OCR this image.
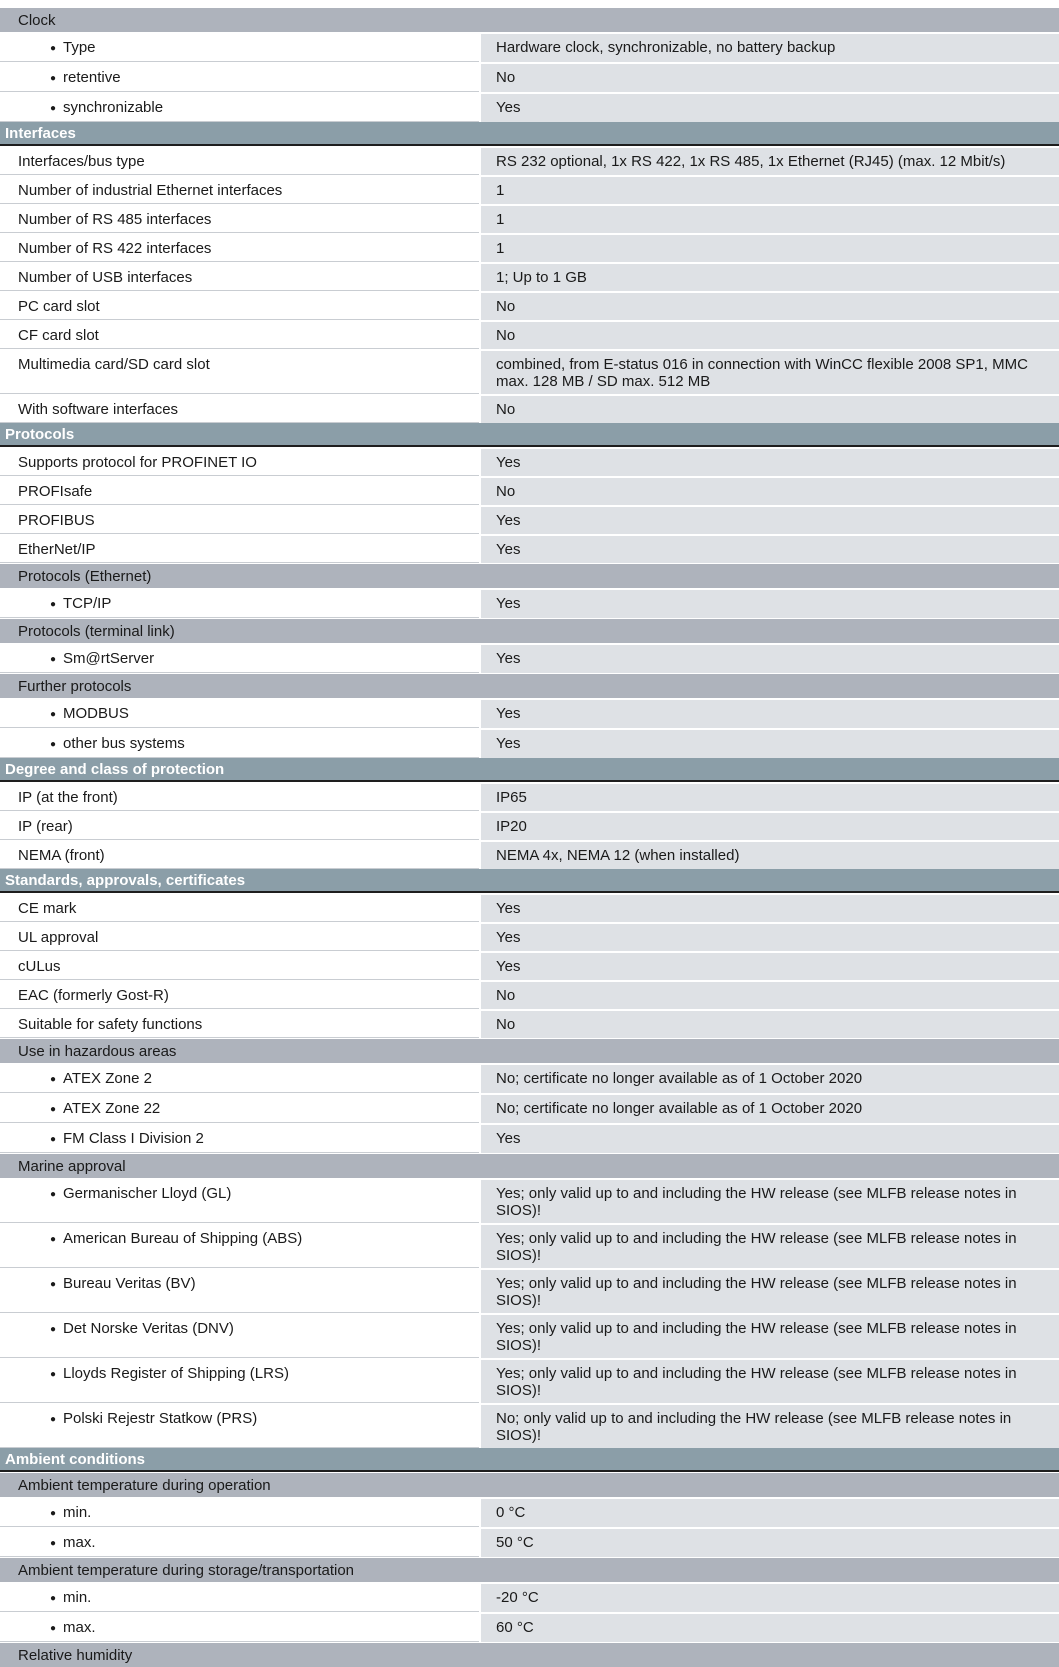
Clock
● Type	Hardware clock, synchronizable, no battery backup
● retentive	No
● synchronizable	Yes
Interfaces
Interfaces/bus type	RS 232 optional, 1x RS 422, 1x RS 485, 1x Ethernet (RJ45) (max. 12 Mbit/s)
Number of industrial Ethernet interfaces	1
Number of RS 485 interfaces	1
Number of RS 422 interfaces	1
Number of USB interfaces	1; Up to 1 GB
PC card slot	No
CF card slot	No
Multimedia card/SD card slot	combined, from E-status 016 in connection with WinCC flexible 2008 SP1, MMC max. 128 MB / SD max. 512 MB
With software interfaces	No
Protocols
Supports protocol for PROFINET IO	Yes
PROFIsafe	No
PROFIBUS	Yes
EtherNet/IP	Yes
Protocols (Ethernet)
● TCP/IP	Yes
Protocols (terminal link)
● Sm@rtServer	Yes
Further protocols
● MODBUS	Yes
● other bus systems	Yes
Degree and class of protection
IP (at the front)	IP65
IP (rear)	IP20
NEMA (front)	NEMA 4x, NEMA 12 (when installed)
Standards, approvals, certificates
CE mark	Yes
UL approval	Yes
cULus	Yes
EAC (formerly Gost-R)	No
Suitable for safety functions	No
Use in hazardous areas
● ATEX Zone 2	No; certificate no longer available as of 1 October 2020
● ATEX Zone 22	No; certificate no longer available as of 1 October 2020
● FM Class I Division 2	Yes
Marine approval
● Germanischer Lloyd (GL)	Yes; only valid up to and including the HW release (see MLFB release notes in SIOS)!
● American Bureau of Shipping (ABS)	Yes; only valid up to and including the HW release (see MLFB release notes in SIOS)!
● Bureau Veritas (BV)	Yes; only valid up to and including the HW release (see MLFB release notes in SIOS)!
● Det Norske Veritas (DNV)	Yes; only valid up to and including the HW release (see MLFB release notes in SIOS)!
● Lloyds Register of Shipping (LRS)	Yes; only valid up to and including the HW release (see MLFB release notes in SIOS)!
● Polski Rejestr Statkow (PRS)	No; only valid up to and including the HW release (see MLFB release notes in SIOS)!
Ambient conditions
Ambient temperature during operation
● min.	0 °C
● max.	50 °C
Ambient temperature during storage/transportation
● min.	-20 °C
● max.	60 °C
Relative humidity
